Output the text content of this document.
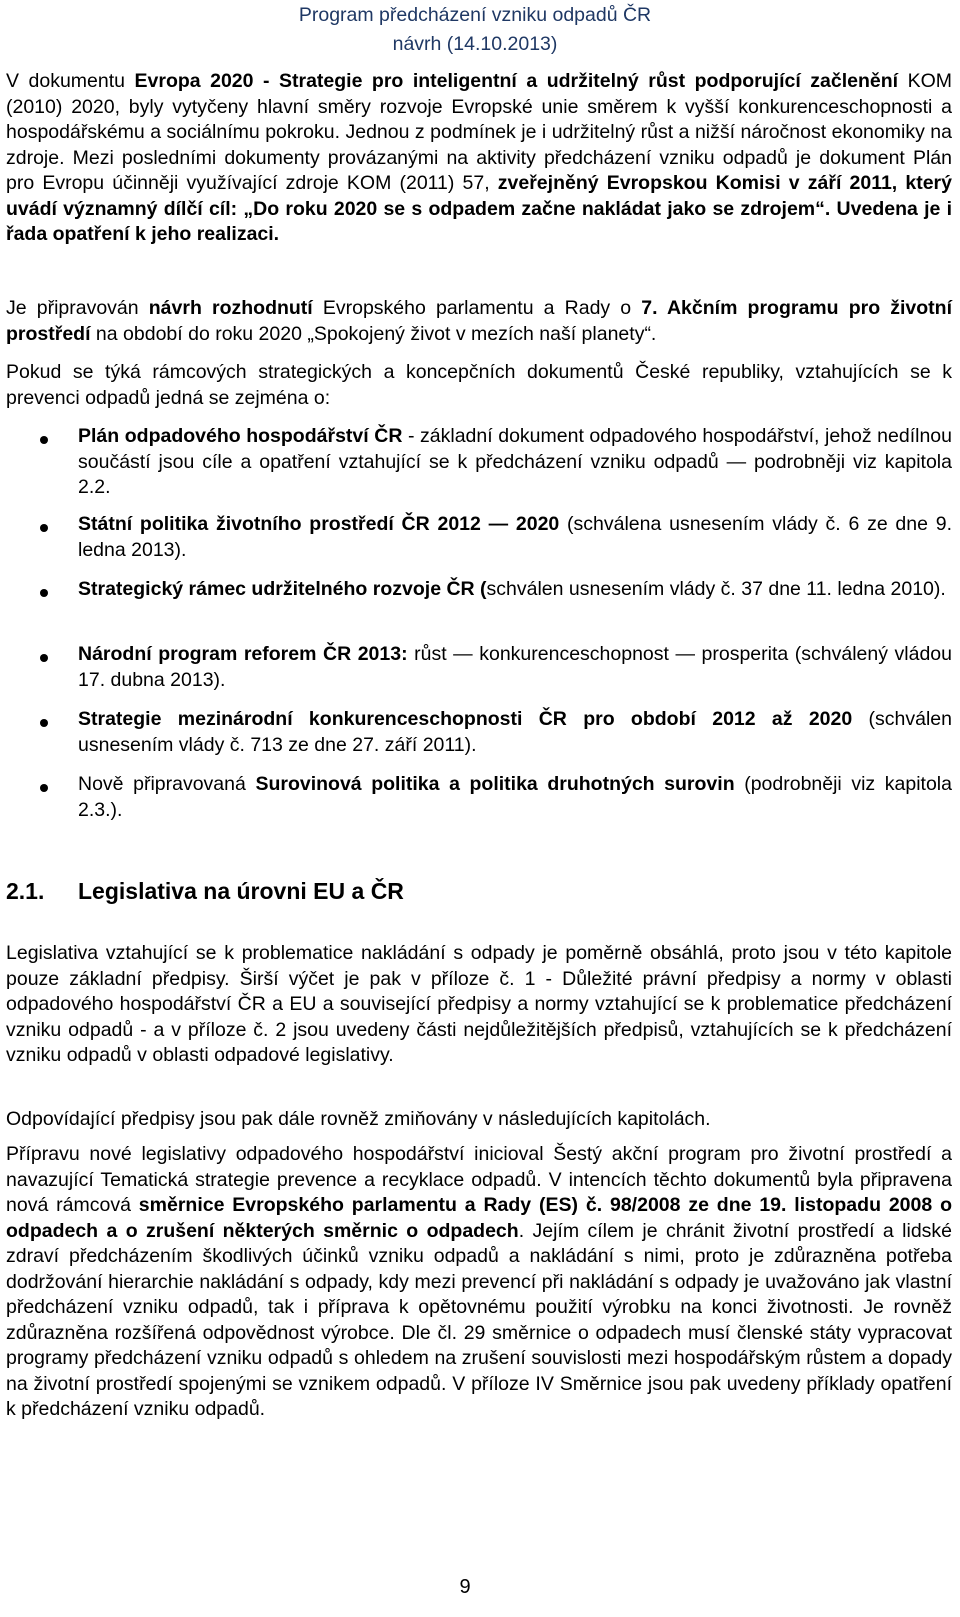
Program předcházení vzniku odpadů ČR
návrh (14.10.2013)

V dokumentu Evropa 2020 - Strategie pro inteligentní a udržitelný růst podporující začlenění KOM (2010) 2020, byly vytyčeny hlavní směry rozvoje Evropské unie směrem k vyšší konkurenceschopnosti a hospodářskému a sociálnímu pokroku. Jednou z podmínek je i udržitelný růst a nižší náročnost ekonomiky na zdroje. Mezi posledními dokumenty provázanými na aktivity předcházení vzniku odpadů je dokument Plán pro Evropu účinněji využívající zdroje KOM (2011) 57, zveřejněný Evropskou Komisi v září 2011, který uvádí významný dílčí cíl: „Do roku 2020 se s odpadem začne nakládat jako se zdrojem“. Uvedena je i řada opatření k jeho realizaci.

Je připravován návrh rozhodnutí Evropského parlamentu a Rady o 7. Akčním programu pro životní prostředí na období do roku 2020 „Spokojený život v mezích naší planety“.

Pokud se týká rámcových strategických a koncepčních dokumentů České republiky, vztahujících se k prevenci odpadů jedná se zejména o:

Plán odpadového hospodářství ČR - základní dokument odpadového hospodářství, jehož nedílnou součástí jsou cíle a opatření vztahující se k předcházení vzniku odpadů — podrobněji viz kapitola 2.2.

Státní politika životního prostředí ČR 2012 — 2020 (schválena usnesením vlády č. 6 ze dne 9. ledna 2013).

Strategický rámec udržitelného rozvoje ČR (schválen usnesením vlády č. 37 dne 11. ledna 2010).

Národní program reforem ČR 2013: růst — konkurenceschopnost — prosperita (schválený vládou 17. dubna 2013).

Strategie mezinárodní konkurenceschopnosti ČR pro období 2012 až 2020 (schválen usnesením vlády č. 713 ze dne 27. září 2011).

Nově připravovaná Surovinová politika a politika druhotných surovin (podrobněji viz kapitola 2.3.).

2.1. Legislativa na úrovni EU a ČR

Legislativa vztahující se k problematice nakládání s odpady je poměrně obsáhlá, proto jsou v této kapitole pouze základní předpisy. Širší výčet je pak v příloze č. 1 - Důležité právní předpisy a normy v oblasti odpadového hospodářství ČR a EU a související předpisy a normy vztahující se k problematice předcházení vzniku odpadů - a v příloze č. 2 jsou uvedeny části nejdůležitějších předpisů, vztahujících se k předcházení vzniku odpadů v oblasti odpadové legislativy.

Odpovídající předpisy jsou pak dále rovněž zmiňovány v následujících kapitolách.

Přípravu nové legislativy odpadového hospodářství inicioval Šestý akční program pro životní prostředí a navazující Tematická strategie prevence a recyklace odpadů. V intencích těchto dokumentů byla připravena nová rámcová směrnice Evropského parlamentu a Rady (ES) č. 98/2008 ze dne 19. listopadu 2008 o odpadech a o zrušení některých směrnic o odpadech. Jejím cílem je chránit životní prostředí a lidské zdraví předcházením škodlivých účinků vzniku odpadů a nakládání s nimi, proto je zdůrazněna potřeba dodržování hierarchie nakládání s odpady, kdy mezi prevencí při nakládání s odpady je uvažováno jak vlastní předcházení vzniku odpadů, tak i příprava k opětovnému použití výrobku na konci životnosti. Je rovněž zdůrazněna rozšířená odpovědnost výrobce. Dle čl. 29 směrnice o odpadech musí členské státy vypracovat programy předcházení vzniku odpadů s ohledem na zrušení souvislosti mezi hospodářským růstem a dopady na životní prostředí spojenými se vznikem odpadů. V příloze IV Směrnice jsou pak uvedeny příklady opatření k předcházení vzniku odpadů.

9
